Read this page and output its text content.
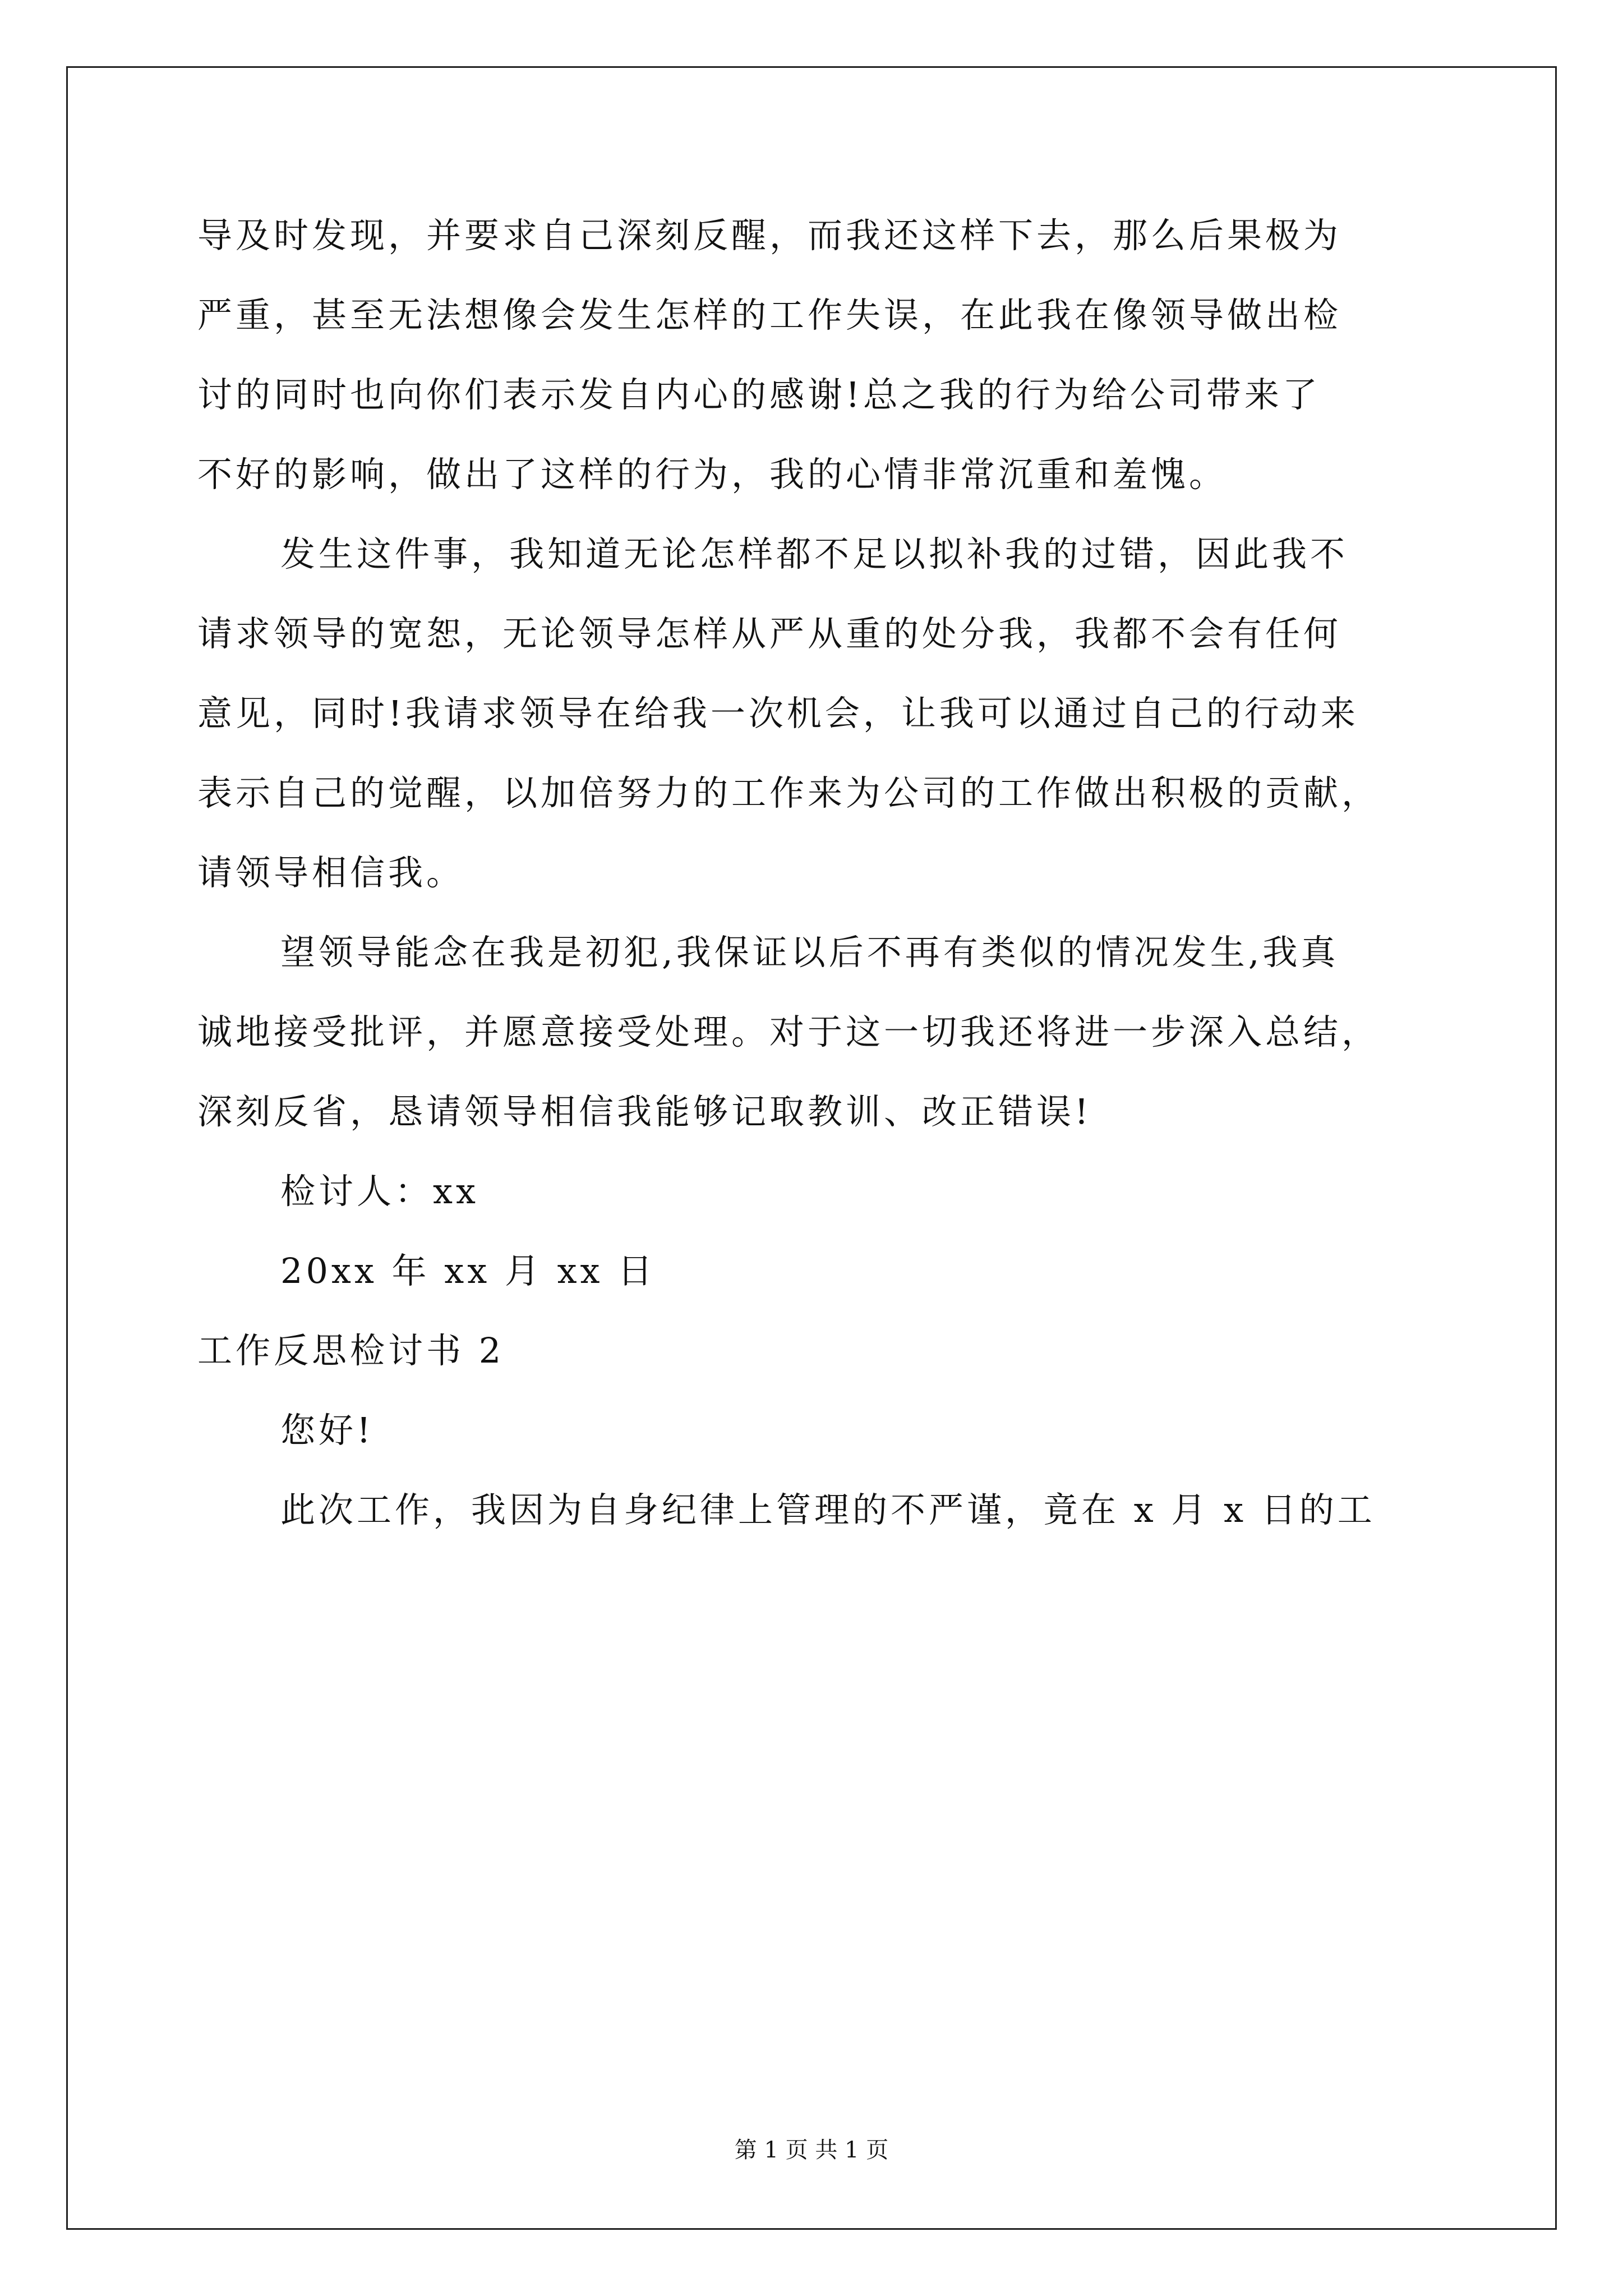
导及时发现，并要求自己深刻反醒，而我还这样下去，那么后果极为
严重，甚至无法想像会发生怎样的工作失误，在此我在像领导做出检
讨的同时也向你们表示发自内心的感谢!总之我的行为给公司带来了
不好的影响，做出了这样的行为，我的心情非常沉重和羞愧。
发生这件事，我知道无论怎样都不足以拟补我的过错，因此我不
请求领导的宽恕，无论领导怎样从严从重的处分我，我都不会有任何
意见，同时!我请求领导在给我一次机会，让我可以通过自己的行动来
表示自己的觉醒，以加倍努力的工作来为公司的工作做出积极的贡献，
请领导相信我。
望领导能念在我是初犯,我保证以后不再有类似的情况发生,我真
诚地接受批评，并愿意接受处理。对于这一切我还将进一步深入总结，
深刻反省，恳请领导相信我能够记取教训、改正错误!
检讨人：xx
20xx 年 xx 月 xx 日
工作反思检讨书 2
您好!
此次工作，我因为自身纪律上管理的不严谨，竟在 x 月 x 日的工
第 1 页 共 1 页
